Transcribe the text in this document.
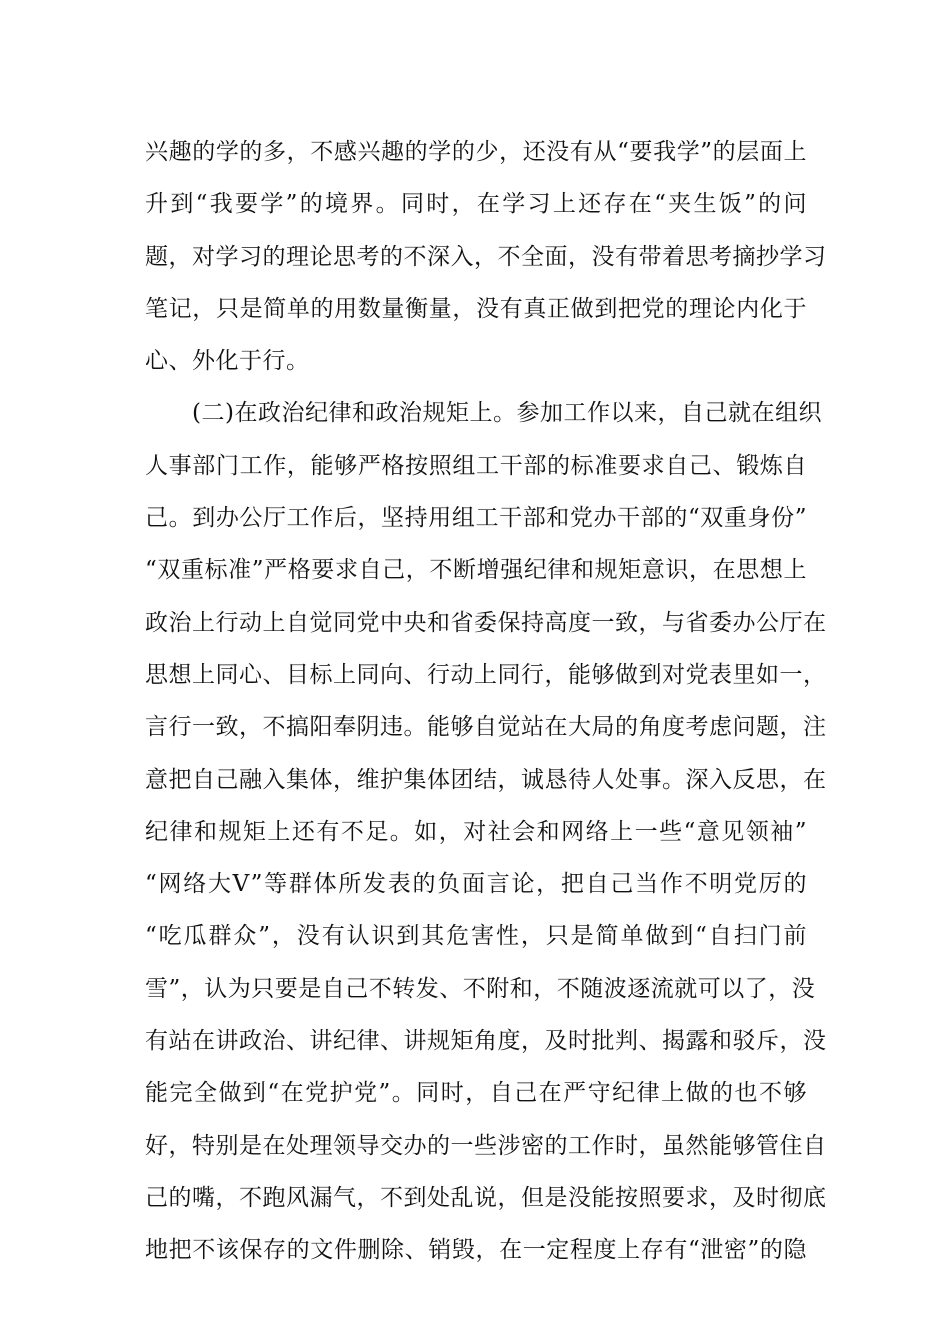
兴趣的学的多，不感兴趣的学的少，还没有从“要我学”的层面上
升到“我要学”的境界。同时，在学习上还存在“夹生饭”的问
题，对学习的理论思考的不深入，不全面，没有带着思考摘抄学习
笔记，只是简单的用数量衡量，没有真正做到把党的理论内化于
心、外化于行。
　　(二)在政治纪律和政治规矩上。参加工作以来，自己就在组织
人事部门工作，能够严格按照组工干部的标准要求自己、锻炼自
己。到办公厅工作后，坚持用组工干部和党办干部的“双重身份”
“双重标准”严格要求自己，不断增强纪律和规矩意识，在思想上
政治上行动上自觉同党中央和省委保持高度一致，与省委办公厅在
思想上同心、目标上同向、行动上同行，能够做到对党表里如一，
言行一致，不搞阳奉阴违。能够自觉站在大局的角度考虑问题，注
意把自己融入集体，维护集体团结，诚恳待人处事。深入反思，在
纪律和规矩上还有不足。如，对社会和网络上一些“意见领袖”
“网络大V”等群体所发表的负面言论，把自己当作不明党厉的
“吃瓜群众”，没有认识到其危害性，只是简单做到“自扫门前
雪”，认为只要是自己不转发、不附和，不随波逐流就可以了，没
有站在讲政治、讲纪律、讲规矩角度，及时批判、揭露和驳斥，没
能完全做到“在党护党”。同时，自己在严守纪律上做的也不够
好，特别是在处理领导交办的一些涉密的工作时，虽然能够管住自
己的嘴，不跑风漏气，不到处乱说，但是没能按照要求，及时彻底
地把不该保存的文件删除、销毁，在一定程度上存有“泄密”的隐
